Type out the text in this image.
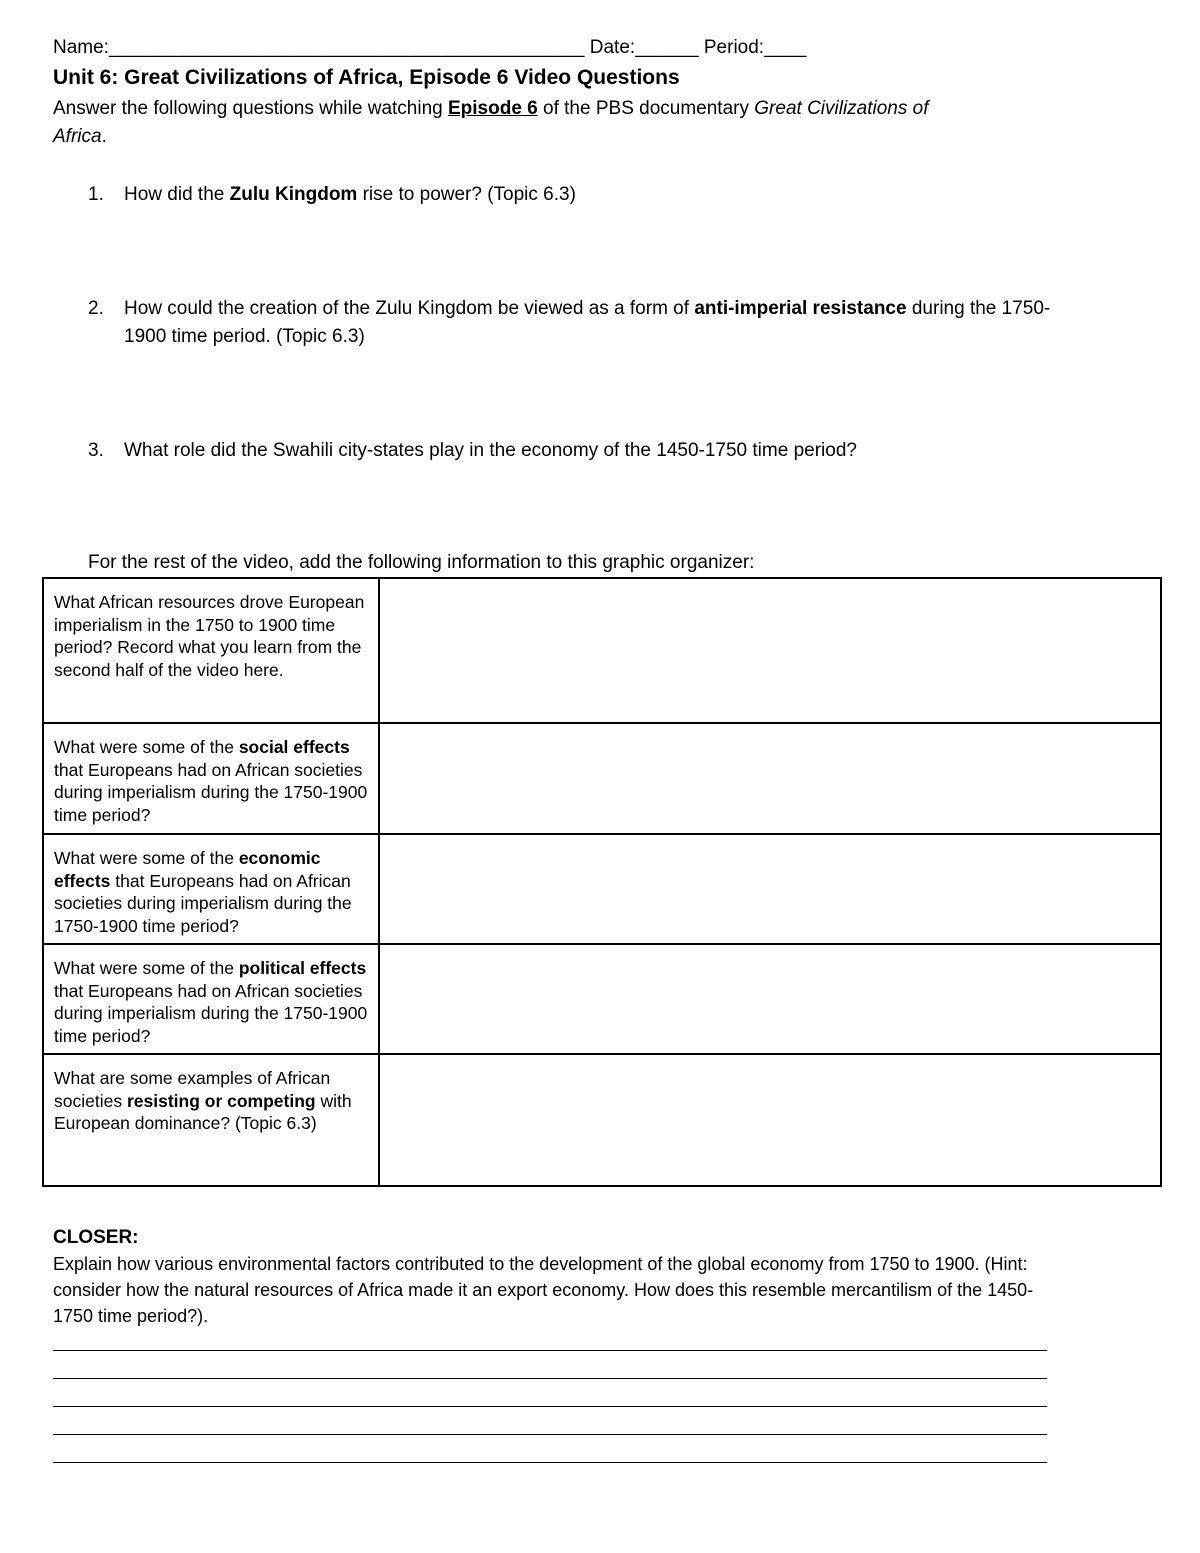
Name:_____________________________________________ Date:______ Period:____
Unit 6: Great Civilizations of Africa, Episode 6 Video Questions
Answer the following questions while watching Episode 6 of the PBS documentary Great Civilizations of
Africa.
1. How did the Zulu Kingdom rise to power? (Topic 6.3)
2. How could the creation of the Zulu Kingdom be viewed as a form of anti-imperial resistance during the 1750-1900 time period. (Topic 6.3)
3. What role did the Swahili city-states play in the economy of the 1450-1750 time period?
For the rest of the video, add the following information to this graphic organizer:
What African resources drove European imperialism in the 1750 to 1900 time period? Record what you learn from the second half of the video here.	
What were some of the social effects that Europeans had on African societies during imperialism during the 1750-1900 time period?	
What were some of the economic effects that Europeans had on African societies during imperialism during the 1750-1900 time period?	
What were some of the political effects that Europeans had on African societies during imperialism during the 1750-1900 time period?	
What are some examples of African societies resisting or competing with European dominance? (Topic 6.3)	
CLOSER:
Explain how various environmental factors contributed to the development of the global economy from 1750 to 1900. (Hint: consider how the natural resources of Africa made it an export economy. How does this resemble mercantilism of the 1450-1750 time period?).
